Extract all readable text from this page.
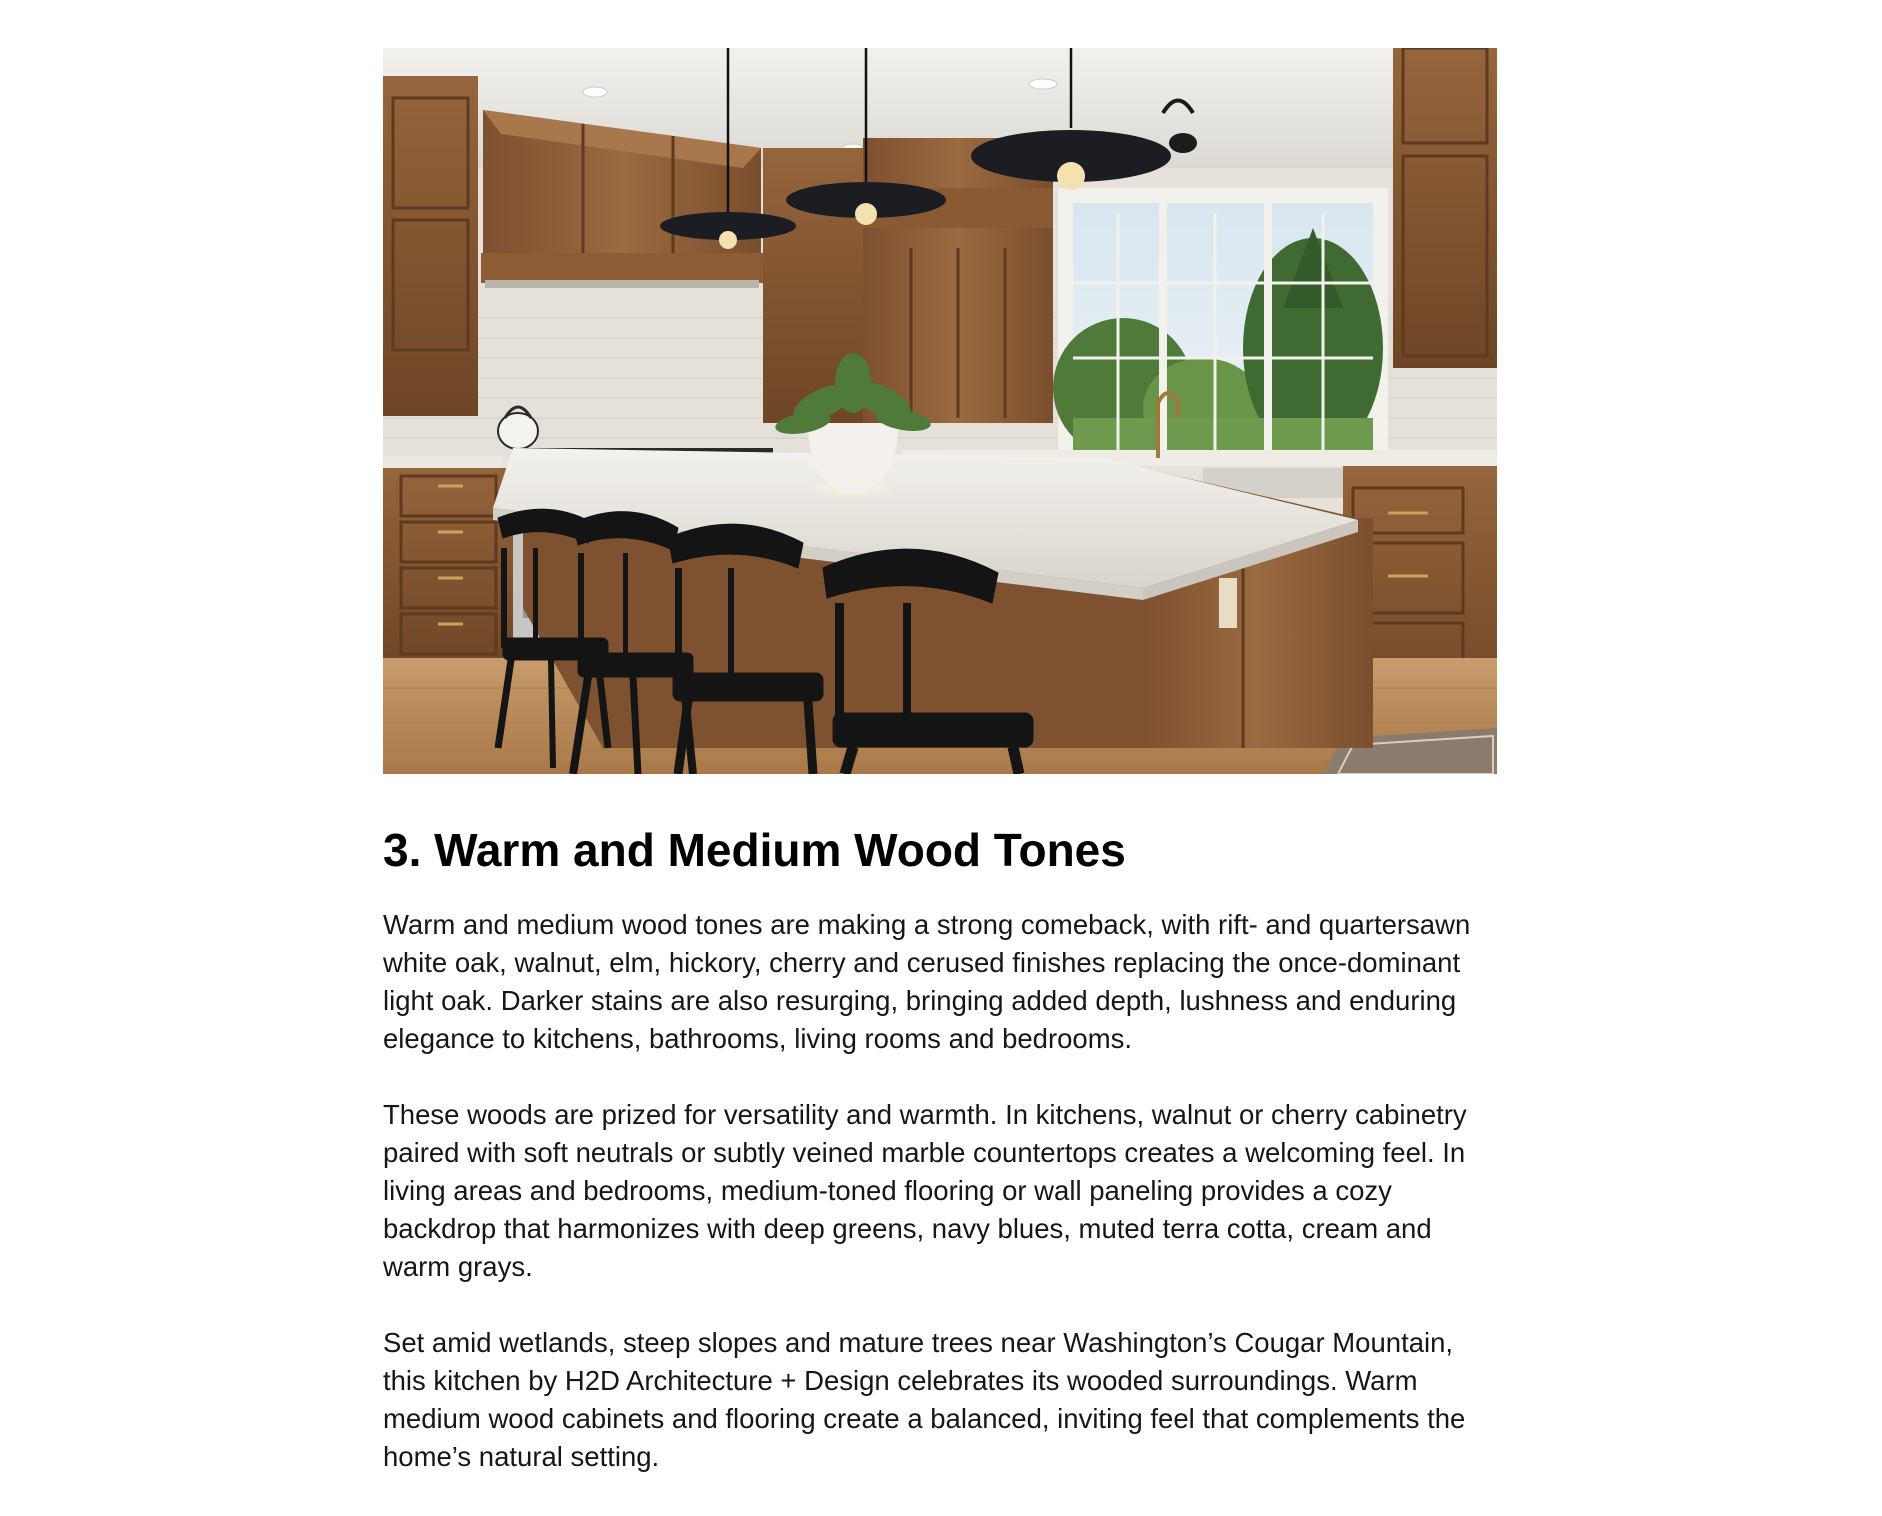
3. Warm and Medium Wood Tones

Warm and medium wood tones are making a strong comeback, with rift- and quartersawn white oak, walnut, elm, hickory, cherry and cerused finishes replacing the once-dominant light oak. Darker stains are also resurging, bringing added depth, lushness and enduring elegance to kitchens, bathrooms, living rooms and bedrooms.

These woods are prized for versatility and warmth. In kitchens, walnut or cherry cabinetry paired with soft neutrals or subtly veined marble countertops creates a welcoming feel. In living areas and bedrooms, medium-toned flooring or wall paneling provides a cozy backdrop that harmonizes with deep greens, navy blues, muted terra cotta, cream and warm grays.

Set amid wetlands, steep slopes and mature trees near Washington’s Cougar Mountain, this kitchen by H2D Architecture + Design celebrates its wooded surroundings. Warm medium wood cabinets and flooring create a balanced, inviting feel that complements the home’s natural setting.
